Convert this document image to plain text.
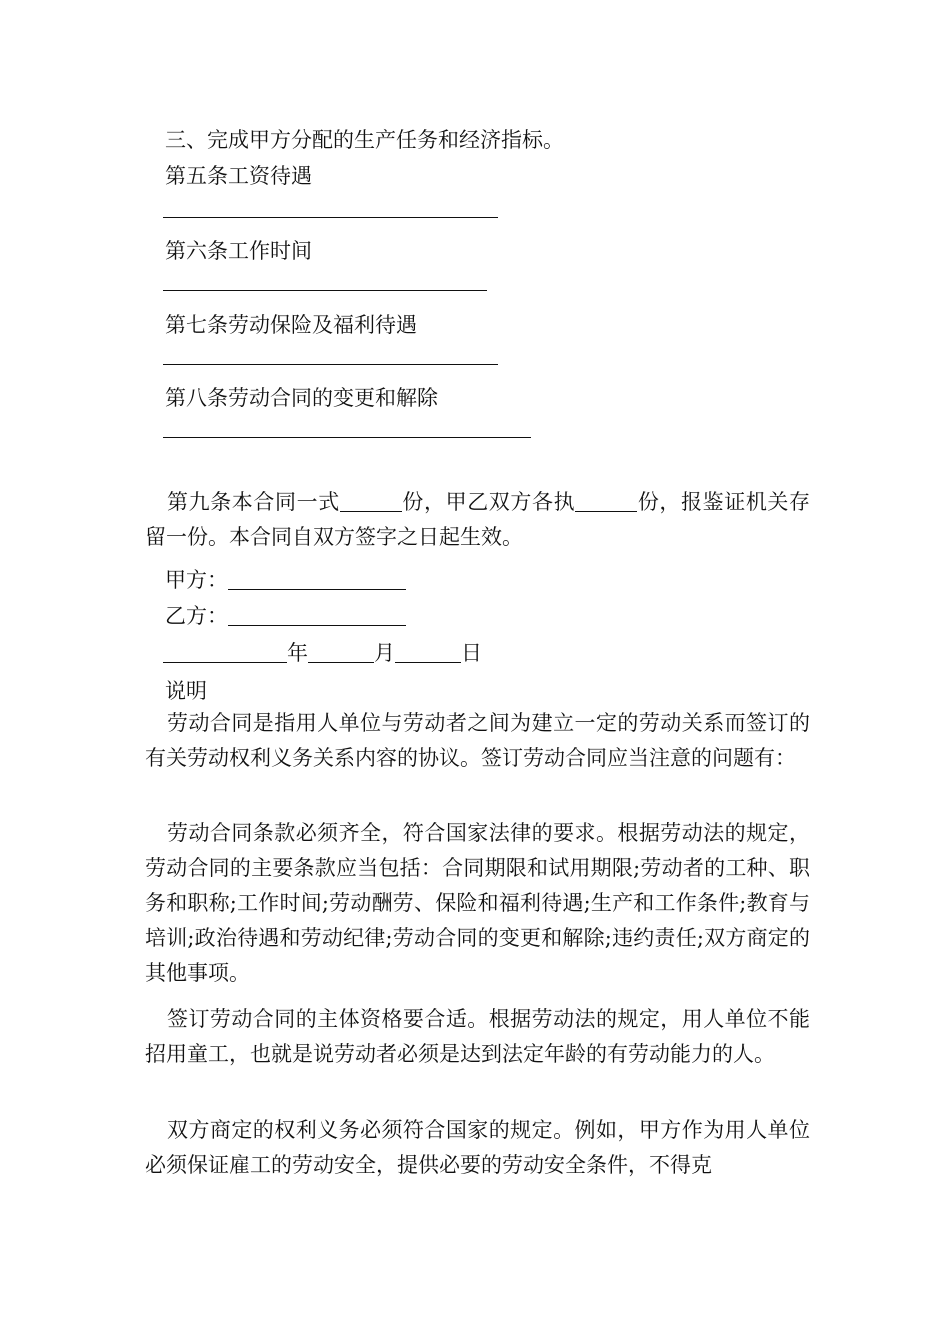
三、完成甲方分配的生产任务和经济指标。
第五条工资待遇
第六条工作时间
第七条劳动保险及福利待遇
第八条劳动合同的变更和解除
第九条本合同一式	份，甲乙双方各执	份，报鉴证机关存留一份。本合同自双方签字之日起生效。
甲方：
乙方：
年	月	日
说明
劳动合同是指用人单位与劳动者之间为建立一定的劳动关系而签订的有关劳动权利义务关系内容的协议。签订劳动合同应当注意的问题有：
劳动合同条款必须齐全，符合国家法律的要求。根据劳动法的规定，劳动合同的主要条款应当包括：合同期限和试用期限;劳动者的工种、职务和职称;工作时间;劳动酬劳、保险和福利待遇;生产和工作条件;教育与培训;政治待遇和劳动纪律;劳动合同的变更和解除;违约责任;双方商定的其他事项。
签订劳动合同的主体资格要合适。根据劳动法的规定，用人单位不能招用童工，也就是说劳动者必须是达到法定年龄的有劳动能力的人。
双方商定的权利义务必须符合国家的规定。例如，甲方作为用人单位必须保证雇工的劳动安全，提供必要的劳动安全条件，不得克
